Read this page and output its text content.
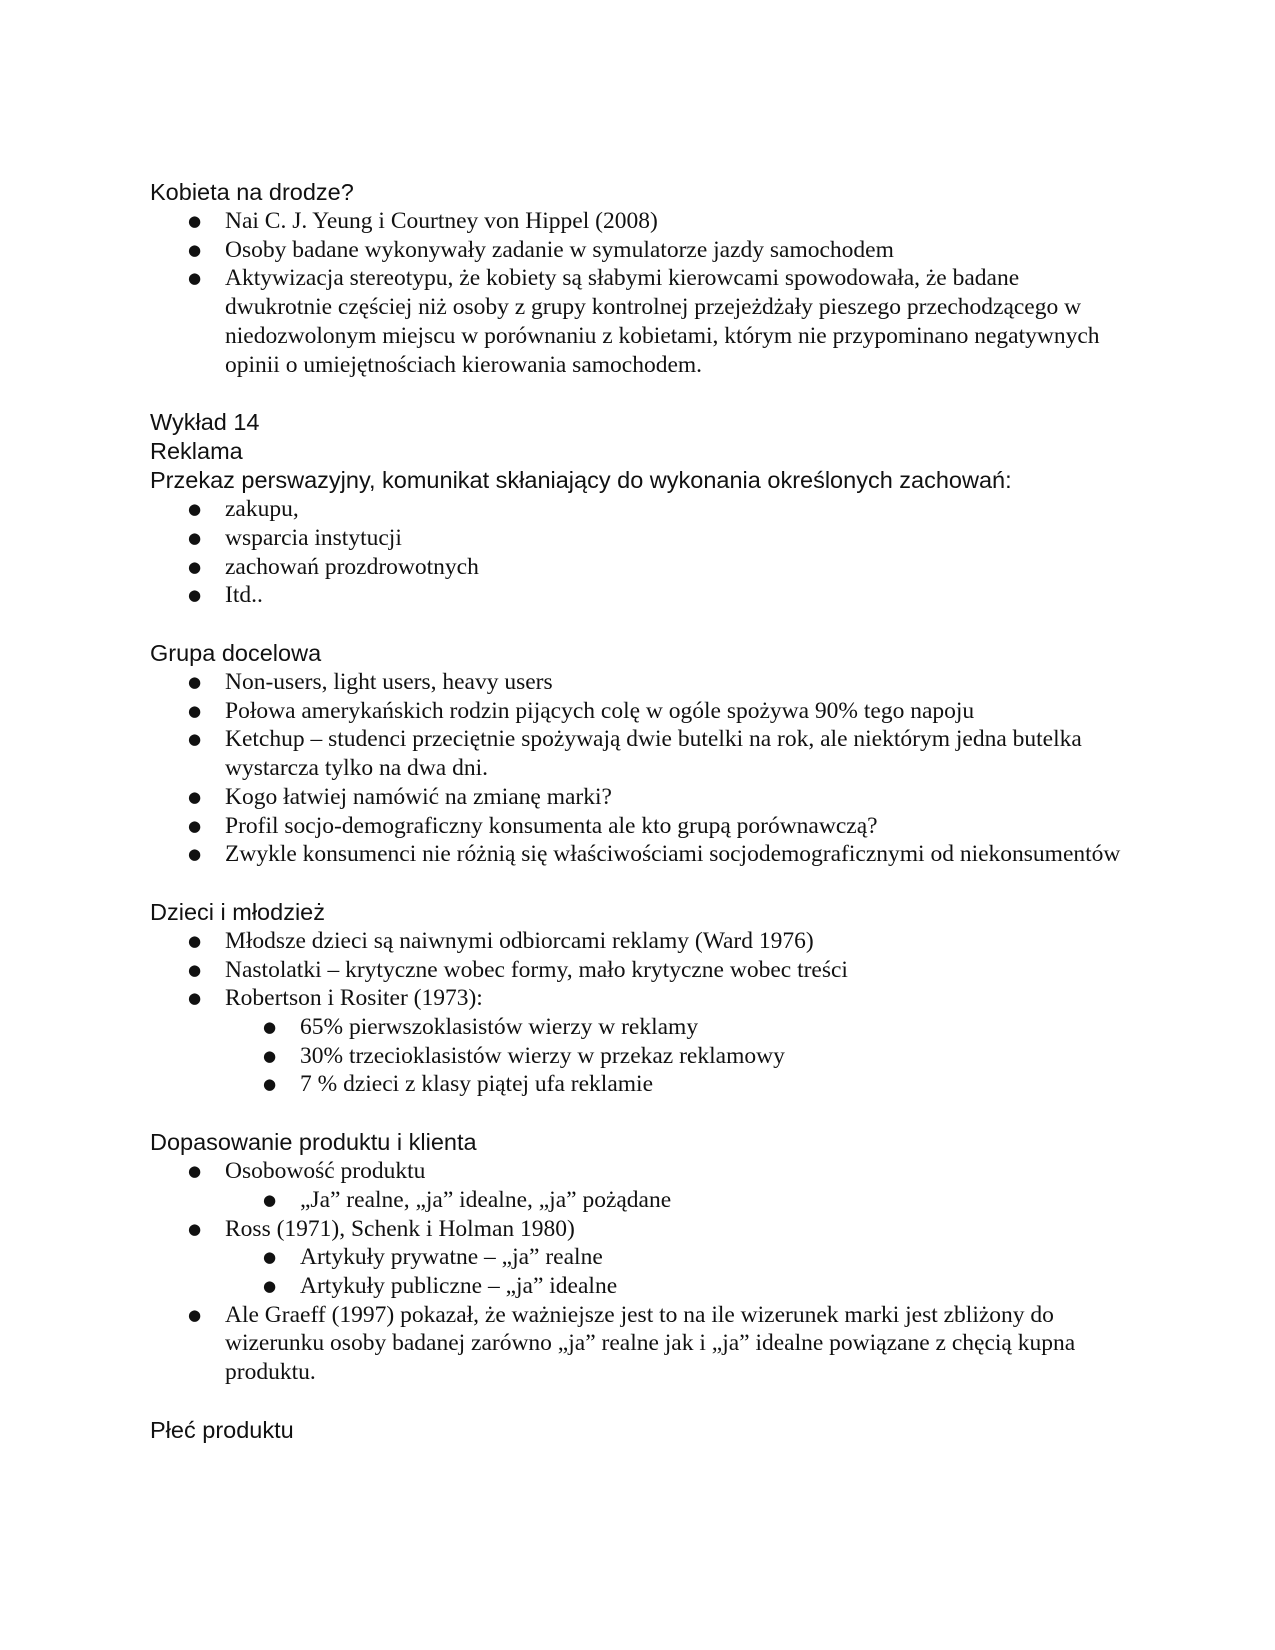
Kobieta na drodze?

● Nai C. J. Yeung i Courtney von Hippel (2008)
● Osoby badane wykonywały zadanie w symulatorze jazdy samochodem
● Aktywizacja stereotypu, że kobiety są słabymi kierowcami spowodowała, że badane dwukrotnie częściej niż osoby z grupy kontrolnej przejeżdżały pieszego przechodzącego w niedozwolonym miejscu w porównaniu z kobietami, którym nie przypominano negatywnych opinii o umiejętnościach kierowania samochodem.

Wykład 14

Reklama

Przekaz perswazyjny, komunikat skłaniający do wykonania określonych zachowań:

● zakupu,
● wsparcia instytucji
● zachowań prozdrowotnych
● Itd..

Grupa docelowa

● Non-users, light users, heavy users
● Połowa amerykańskich rodzin pijących colę w ogóle spożywa 90% tego napoju
● Ketchup – studenci przeciętnie spożywają dwie butelki na rok, ale niektórym jedna butelka wystarcza tylko na dwa dni.
● Kogo łatwiej namówić na zmianę marki?
● Profil socjo-demograficzny konsumenta ale kto grupą porównawczą?
● Zwykle konsumenci nie różnią się właściwościami socjodemograficznymi od niekonsumentów

Dzieci i młodzież

● Młodsze dzieci są naiwnymi odbiorcami reklamy (Ward 1976)
● Nastolatki – krytyczne wobec formy, mało krytyczne wobec treści
● Robertson i Rositer (1973):
● 65% pierwszoklasistów wierzy w reklamy
● 30% trzecioklasistów wierzy w przekaz reklamowy
● 7 % dzieci z klasy piątej ufa reklamie

Dopasowanie produktu i klienta

● Osobowość produktu
● „Ja” realne, „ja” idealne, „ja” pożądane
● Ross (1971), Schenk i Holman 1980)
● Artykuły prywatne – „ja” realne
● Artykuły publiczne – „ja” idealne
● Ale Graeff (1997) pokazał, że ważniejsze jest to na ile wizerunek marki jest zbliżony do wizerunku osoby badanej zarówno „ja” realne jak i „ja” idealne powiązane z chęcią kupna produktu.

Płeć produktu
